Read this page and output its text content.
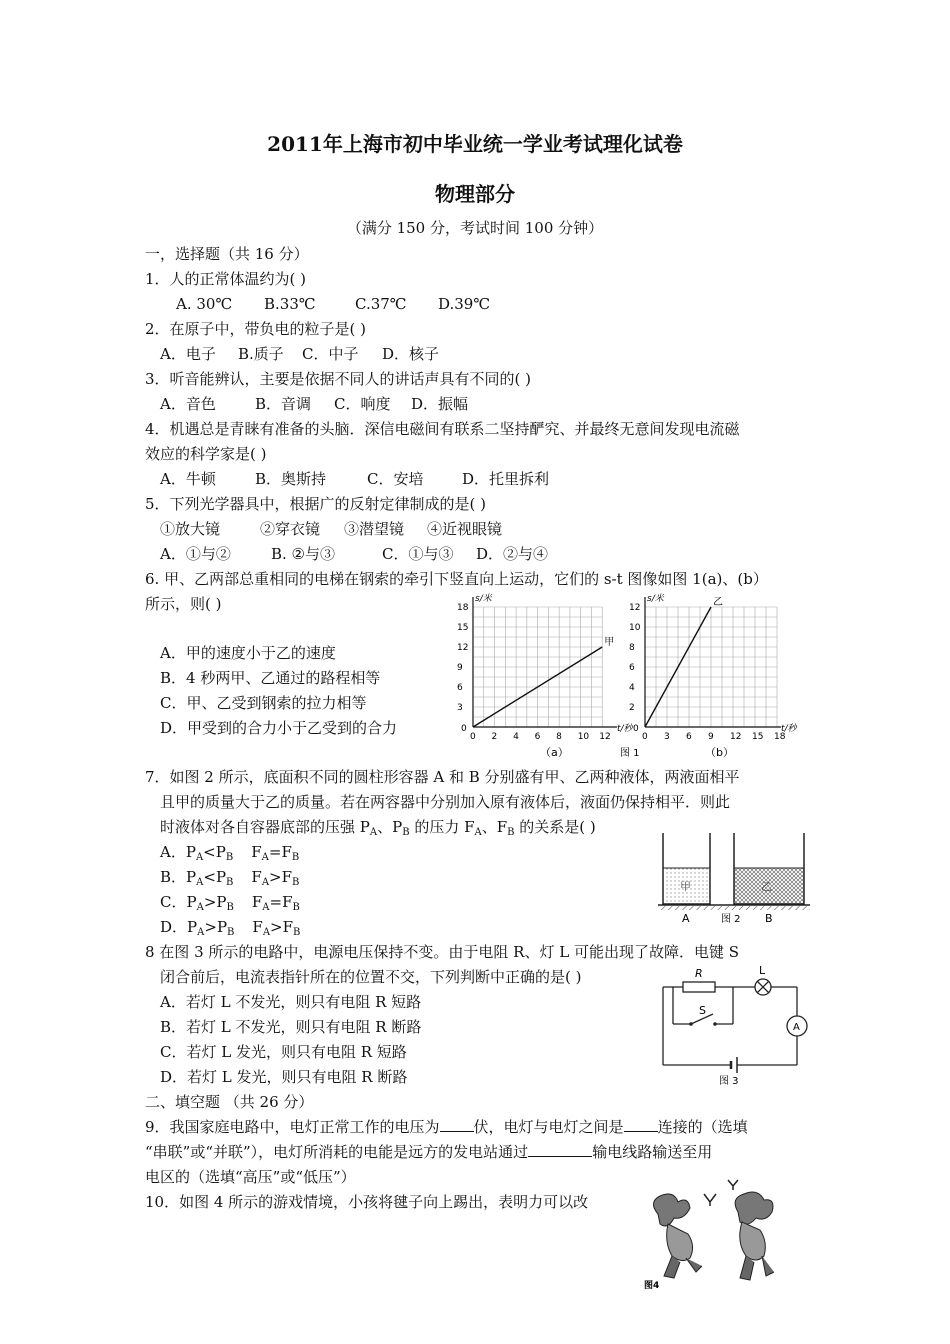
2011年上海市初中毕业统一学业考试理化试卷
物理部分
（满分 150 分，考试时间 100 分钟）
一，选择题（共 16 分）
1．人的正常体温约为( )
A. 30℃ B.33℃	C.37℃ D.39℃
2．在原子中，带负电的粒子是( )
A．电子 B.质子 C．中子 D．核子
3．听音能辨认，主要是依据不同人的讲话声具有不同的( )
A．音色	B．音调 C．响度 D．振幅
4．机遇总是青睐有准备的头脑．深信电磁间有联系二坚持酽究、并最终无意间发现电流磁
效应的科学家是( )
A．牛顿	B．奥斯持	C．安培	D．托里拆利
5．下列光学器具中，根据广的反射定律制成的是( )
①放大镜	②穿衣镜 ③潜望镜 ④近视眼镜
A．①与②	B. ②与③	C．①与③ D．②与④
6. 甲、乙两部总重相同的电梯在钢索的牵引下竖直向上运动，它们的 s-t 图像如图 1(a)、(b）
所示，则( )
A．甲的速度小于乙的速度
B．4 秒两甲、乙通过的路程相等
C．甲、乙受到钢索的拉力相等
D．甲受到的合力小于乙受到的合力	0 2 4 6 8 10 12
3
6
9
12
15
18
0
s/米
t/秒
甲
0 3 6 9 12 15 18
2
4
6
8
10
12
0
s/米
t/秒
乙
（a）	图 1	（b）
7．如图 2 所示，底面积不同的圆柱形容器 A 和 B 分别盛有甲、乙两种液体，两液面相平
且甲的质量大于乙的质量。若在两容器中分别加入原有液体后，液面仍保持相平．则此
时液体对各自容器底部的压强 $P_A$、$P_B$ 的压力 $F_A$、$F_B$ 的关系是( )
A．$P_A<P_B$ $F_A=F_B$
B．$P_A<P_B$ $F_A>F_B$
C．$P_A>P_B$ $F_A=F_B$
D．$P_A>P_B$ $F_A>F_B$
甲	乙
A	图 2 B
8 在图 3 所示的电路中，电源电压保持不变。由于电阻 R、灯 L 可能出现了故障．电键 S
闭合前后，电流表指针所在的位置不交，下列判断中正确的是( )
A．若灯 L 不发光，则只有电阻 R 短路
B．若灯 L 不发光，则只有电阻 R 断路
C．若灯 L 发光，则只有电阻 R 短路
D．若灯 L 发光，则只有电阻 R 断路
R	L
S
A
图 3
二、填空题 （共 26 分）
9．我国家庭电路中，电灯正常工作的电压为 伏，电灯与电灯之间是 连接的（选填
“串联”或“并联”），电灯所消耗的电能是远方的发电站通过	输电线路输送至用
电区的（选填“高压”或“低压”）
10．如图 4 所示的游戏情境，小孩将毽子向上踢出，表明力可以改
图4
